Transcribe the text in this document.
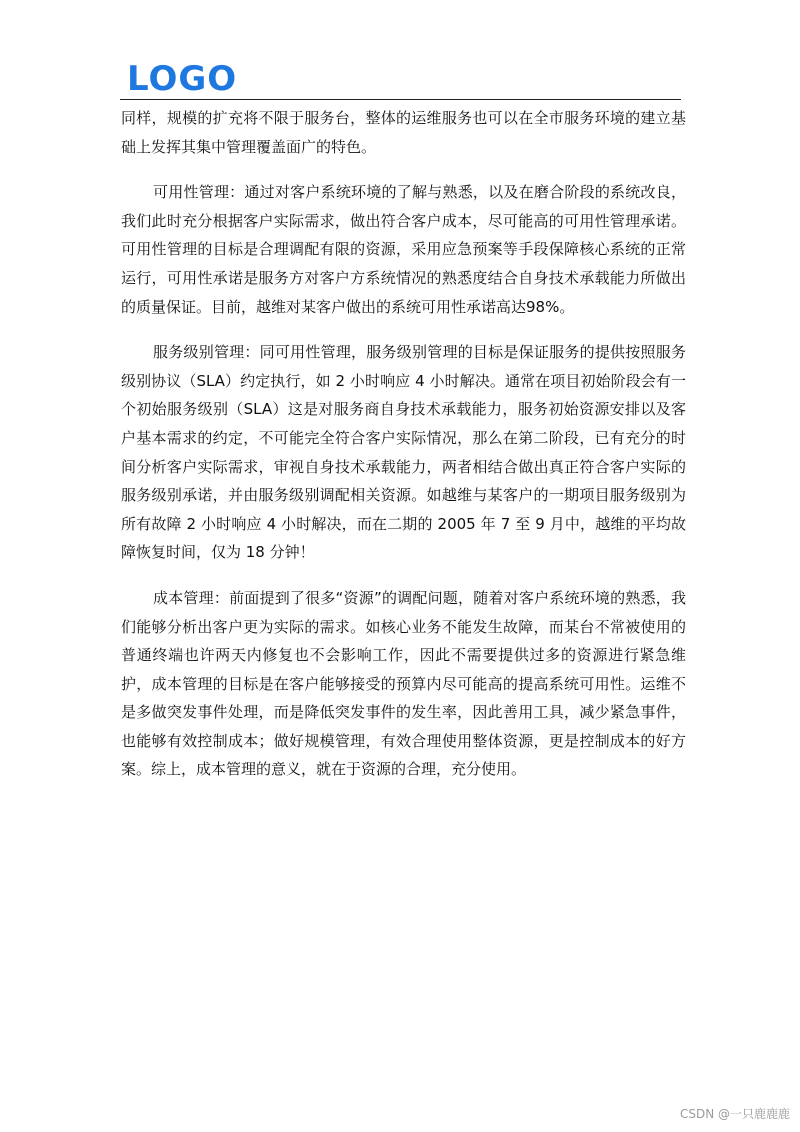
LOGO

同样，规模的扩充将不限于服务台，整体的运维服务也可以在全市服务环境的建立基础上发挥其集中管理覆盖面广的特色。

可用性管理：通过对客户系统环境的了解与熟悉，以及在磨合阶段的系统改良，我们此时充分根据客户实际需求，做出符合客户成本，尽可能高的可用性管理承诺。可用性管理的目标是合理调配有限的资源，采用应急预案等手段保障核心系统的正常运行，可用性承诺是服务方对客户方系统情况的熟悉度结合自身技术承载能力所做出的质量保证。目前，越维对某客户做出的系统可用性承诺高达98%。

服务级别管理：同可用性管理，服务级别管理的目标是保证服务的提供按照服务级别协议（SLA）约定执行，如 2 小时响应 4 小时解决。通常在项目初始阶段会有一个初始服务级别（SLA）这是对服务商自身技术承载能力，服务初始资源安排以及客户基本需求的约定，不可能完全符合客户实际情况，那么在第二阶段，已有充分的时间分析客户实际需求，审视自身技术承载能力，两者相结合做出真正符合客户实际的服务级别承诺，并由服务级别调配相关资源。如越维与某客户的一期项目服务级别为所有故障 2 小时响应 4 小时解决，而在二期的 2005 年 7 至 9 月中，越维的平均故障恢复时间，仅为 18 分钟！

成本管理：前面提到了很多“资源”的调配问题，随着对客户系统环境的熟悉，我们能够分析出客户更为实际的需求。如核心业务不能发生故障，而某台不常被使用的普通终端也许两天内修复也不会影响工作，因此不需要提供过多的资源进行紧急维护，成本管理的目标是在客户能够接受的预算内尽可能高的提高系统可用性。运维不是多做突发事件处理，而是降低突发事件的发生率，因此善用工具，减少紧急事件，也能够有效控制成本；做好规模管理，有效合理使用整体资源，更是控制成本的好方案。综上，成本管理的意义，就在于资源的合理，充分使用。

CSDN @一只鹿鹿鹿
